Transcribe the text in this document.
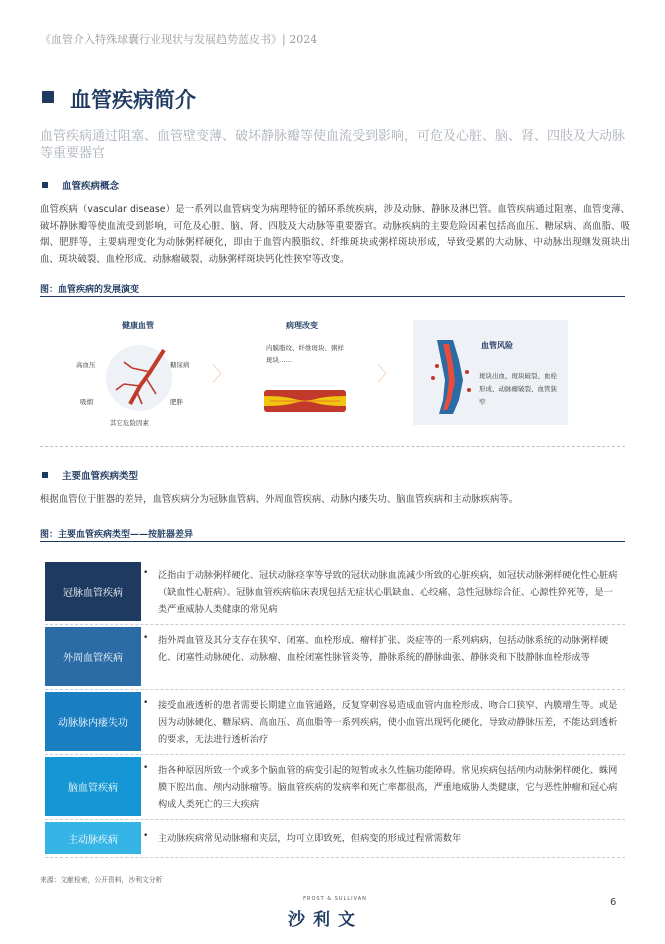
《血管介入特殊球囊行业现状与发展趋势蓝皮书》| 2024
血管疾病简介
血管疾病通过阻塞、血管壁变薄、破坏静脉瓣等使血流受到影响，可危及心脏、脑、肾、四肢及大动脉等重要器官
血管疾病概念
血管疾病（vascular disease）是一系列以血管病变为病理特征的循环系统疾病，涉及动脉、静脉及淋巴管。血管疾病通过阻塞、血管变薄、破坏静脉瓣等使血流受到影响，可危及心脏、脑、肾、四肢及大动脉等重要器官。动脉疾病的主要危险因素包括高血压、糖尿病、高血脂、吸烟、肥胖等，主要病理变化为动脉粥样硬化，即由于血管内膜脂纹、纤维斑块或粥样斑块形成，导致受累的大动脉、中动脉出现继发斑块出血、斑块破裂、血栓形成、动脉瘤破裂、动脉粥样斑块钙化性狭窄等改变。
图：血管疾病的发展演变
健康血管
高血压	糖尿病
吸烟	肥胖
其它危险因素
〉
病理改变
内膜脂纹、纤维斑块、粥样斑块……
〉
血管风险
斑块出血、斑块破裂、血栓形成、动脉瘤破裂、血管狭窄
主要血管疾病类型
根据血管位于脏器的差异，血管疾病分为冠脉血管病、外周血管疾病、动脉内瘘失功、脑血管疾病和主动脉疾病等。
图：主要血管疾病类型——按脏器差异
冠脉血管疾病
• 泛指由于动脉粥样硬化、冠状动脉痉挛等导致的冠状动脉血流减少所致的心脏疾病，如冠状动脉粥样硬化性心脏病（缺血性心脏病）。冠脉血管疾病临床表现包括无症状心肌缺血、心绞痛、急性冠脉综合征、心源性猝死等，是一类严重威胁人类健康的常见病
外周血管疾病
• 指外周血管及其分支存在狭窄、闭塞、血栓形成、瘤样扩张、炎症等的一系列病病，包括动脉系统的动脉粥样硬化、闭塞性动脉硬化、动脉瘤、血栓闭塞性脉管炎等，静脉系统的静脉曲张、静脉炎和下肢静脉血栓形成等
动脉脉内瘘失功
• 接受血液透析的患者需要长期建立血管通路，反复穿刺容易造成血管内血栓形成、吻合口狭窄、内膜增生等。或是因为动脉硬化、糖尿病、高血压、高血脂等一系列疾病，使小血管出现钙化硬化，导致动静脉压差，不能达到透析的要求，无法进行透析治疗
脑血管疾病
• 指各种原因所致一个或多个脑血管的病变引起的短暂或永久性脑功能障碍。常见疾病包括颅内动脉粥样硬化、蛛网膜下腔出血、颅内动脉瘤等。脑血管疾病的发病率和死亡率都很高，严重地威胁人类健康，它与恶性肿瘤和冠心病构成人类死亡的三大疾病
主动脉疾病	• 主动脉疾病常见动脉瘤和夹层，均可立即致死，但病变的形成过程常需数年
来源：文献检索，公开资料，沙利文分析
FROST & SULLIVAN
沙利文
6
